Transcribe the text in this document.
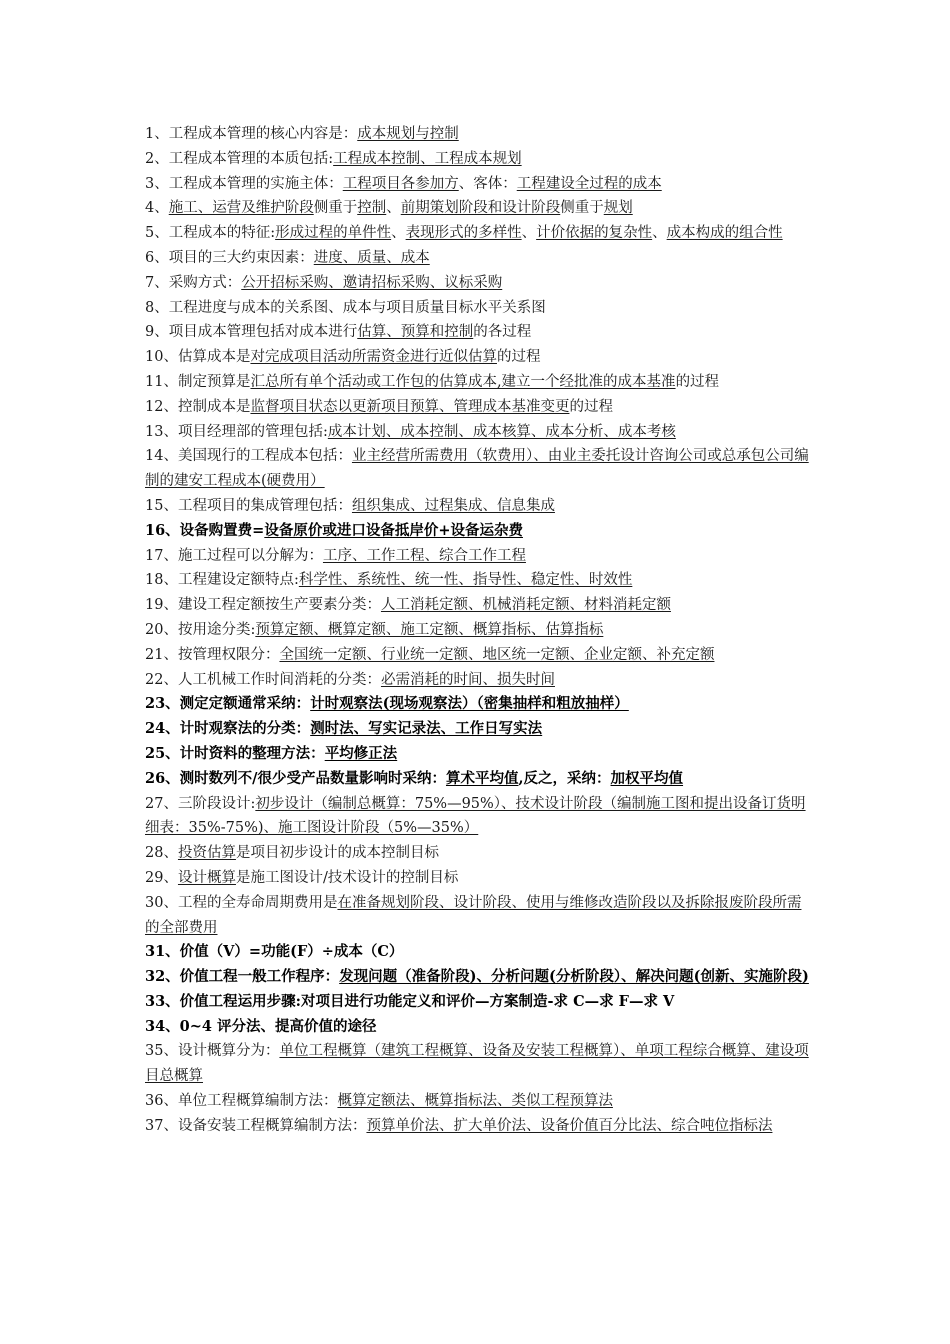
1、工程成本管理的核心内容是：成本规划与控制
2、工程成本管理的本质包括:工程成本控制、工程成本规划
3、工程成本管理的实施主体：工程项目各参加方、客体：工程建设全过程的成本
4、施工、运营及维护阶段侧重于控制、前期策划阶段和设计阶段侧重于规划
5、工程成本的特征:形成过程的单件性、表现形式的多样性、计价依据的复杂性、成本构成的组合性
6、项目的三大约束因素：进度、质量、成本
7、采购方式：公开招标采购、邀请招标采购、议标采购
8、工程进度与成本的关系图、成本与项目质量目标水平关系图
9、项目成本管理包括对成本进行估算、预算和控制的各过程
10、估算成本是对完成项目活动所需资金进行近似估算的过程
11、制定预算是汇总所有单个活动或工作包的估算成本,建立一个经批准的成本基准的过程
12、控制成本是监督项目状态以更新项目预算、管理成本基准变更的过程
13、项目经理部的管理包括:成本计划、成本控制、成本核算、成本分析、成本考核
14、美国现行的工程成本包括：业主经营所需费用（软费用）、由业主委托设计咨询公司或总承包公司编制的建安工程成本(硬费用）
15、工程项目的集成管理包括：组织集成、过程集成、信息集成
16、设备购置费=设备原价或进口设备抵岸价+设备运杂费
17、施工过程可以分解为：工序、工作工程、综合工作工程
18、工程建设定额特点:科学性、系统性、统一性、指导性、稳定性、时效性
19、建设工程定额按生产要素分类：人工消耗定额、机械消耗定额、材料消耗定额
20、按用途分类:预算定额、概算定额、施工定额、概算指标、估算指标
21、按管理权限分：全国统一定额、行业统一定额、地区统一定额、企业定额、补充定额
22、人工机械工作时间消耗的分类：必需消耗的时间、损失时间
23、测定定额通常采纳：计时观察法(现场观察法）（密集抽样和粗放抽样）
24、计时观察法的分类：测时法、写实记录法、工作日写实法
25、计时资料的整理方法：平均修正法
26、测时数列不/很少受产品数量影响时采纳：算术平均值,反之，采纳：加权平均值
27、三阶段设计:初步设计（编制总概算：75%—95%）、技术设计阶段（编制施工图和提出设备订货明细表：35%-75%)、施工图设计阶段（5%—35%）
28、投资估算是项目初步设计的成本控制目标
29、设计概算是施工图设计/技术设计的控制目标
30、工程的全寿命周期费用是在准备规划阶段、设计阶段、使用与维修改造阶段以及拆除报废阶段所需的全部费用
31、价值（V）=功能(F）÷成本（C）
32、价值工程一般工作程序：发现问题（准备阶段)、分析问题(分析阶段）、解决问题(创新、实施阶段)
33、价值工程运用步骤:对项目进行功能定义和评价—方案制造-求 C—求 F—求 V
34、0~4 评分法、提高价值的途径
35、设计概算分为：单位工程概算（建筑工程概算、设备及安装工程概算）、单项工程综合概算、建设项目总概算
36、单位工程概算编制方法：概算定额法、概算指标法、类似工程预算法
37、设备安装工程概算编制方法：预算单价法、扩大单价法、设备价值百分比法、综合吨位指标法
